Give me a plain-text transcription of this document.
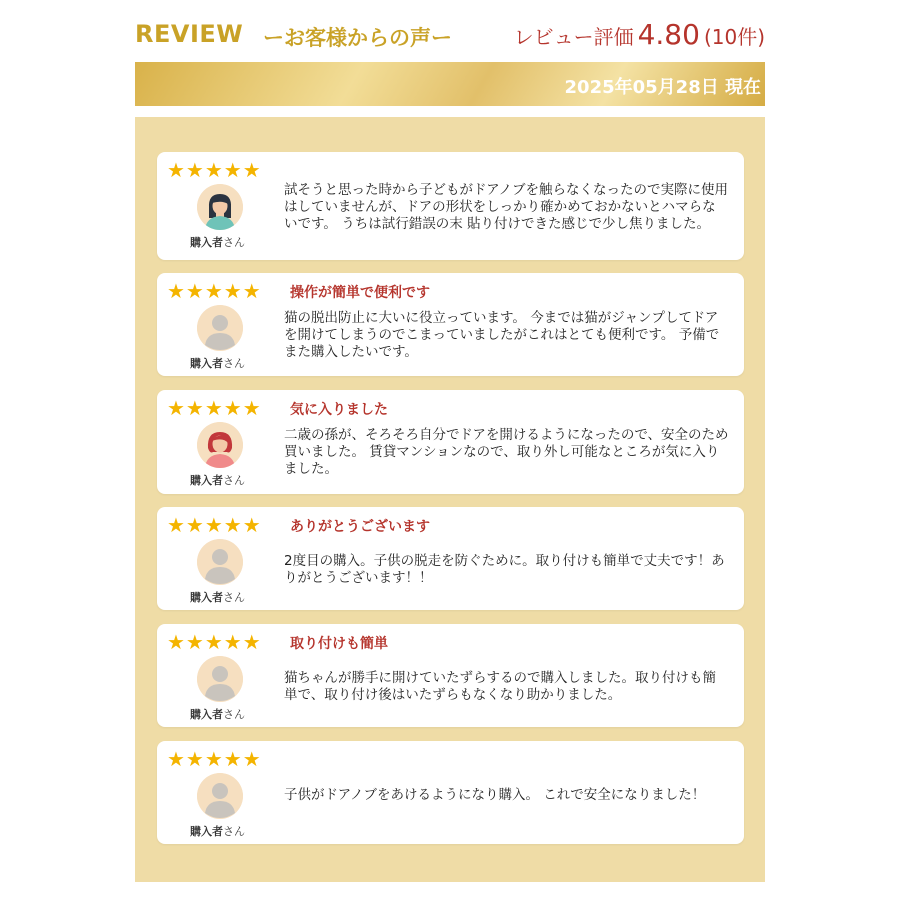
REVIEW ーお客様からの声ー	レビュー評価 4.80 (10件)
2025年05月28日 現在
★★★★★
購入者さん
試そうと思った時から子どもがドアノブを触らなくなったので実際に使用はしていませんが、ドアの形状をしっかり確かめておかないとハマらないです。 うちは試行錯誤の末 貼り付けできた感じで少し焦りました。
★★★★★ 操作が簡単で便利です
購入者さん
猫の脱出防止に大いに役立っています。 今までは猫がジャンプしてドアを開けてしまうのでこまっていましたがこれはとても便利です。 予備でまた購入したいです。
★★★★★ 気に入りました
購入者さん
二歳の孫が、そろそろ自分でドアを開けるようになったので、安全のため買いました。 賃貸マンションなので、取り外し可能なところが気に入りました。
★★★★★ ありがとうございます
購入者さん
2度目の購入。子供の脱走を防ぐために。取り付けも簡単で丈夫です！ありがとうございます！！
★★★★★ 取り付けも簡単
購入者さん
猫ちゃんが勝手に開けていたずらするので購入しました。取り付けも簡単で、取り付け後はいたずらもなくなり助かりました。
★★★★★
購入者さん
子供がドアノブをあけるようになり購入。 これで安全になりました！
